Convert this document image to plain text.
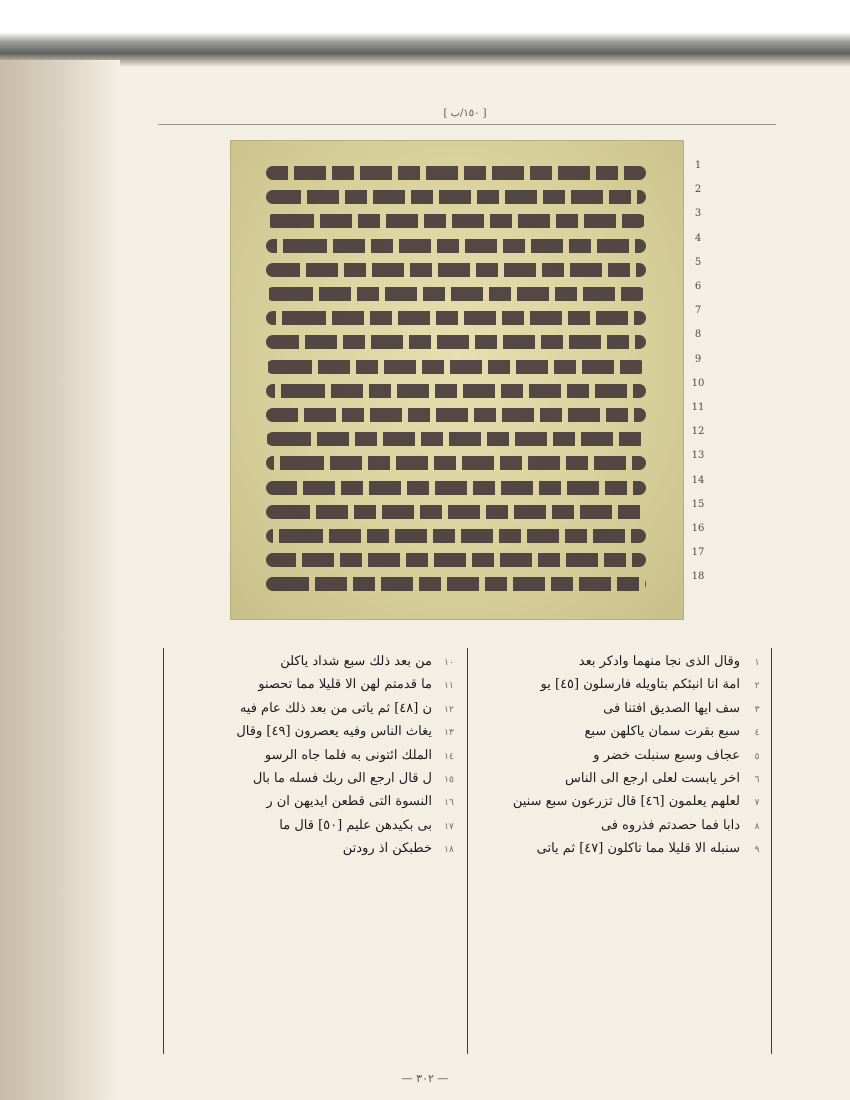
[ ١٥٠/ب ]
1
2
3
4
5
6
7
8
9
10
11
12
13
14
15
16
17
18
١وقال الذى نجا منهما وادكر بعد
٢امة انا انبئكم بتاويله فارسلون [٤٥] يو
٣سف ايها الصديق افتنا فى
٤سبع بقرت سمان ياكلهن سبع
٥عجاف وسبع سنبلت خضر و
٦اخر يابست لعلى ارجع الى الناس
٧لعلهم يعلمون [٤٦] قال تزرعون سبع سنين
٨دابا فما حصدتم فذروه فى
٩سنبله الا قليلا مما تاكلون [٤٧] ثم ياتى
١٠من بعد ذلك سبع شداد ياكلن
١١ما قدمتم لهن الا قليلا مما تحصنو
١٢ن [٤٨] ثم ياتى من بعد ذلك عام فيه
١٣يغاث الناس وفيه يعصرون [٤٩] وقال
١٤الملك ائتونى به فلما جاه الرسو
١٥ل قال ارجع الى ربك فسله ما بال
١٦النسوة التى قطعن ايديهن ان ر
١٧بى بكيدهن عليم [٥٠] قال ما
١٨خطبكن اذ رودتن
— ٣٠٢ —
